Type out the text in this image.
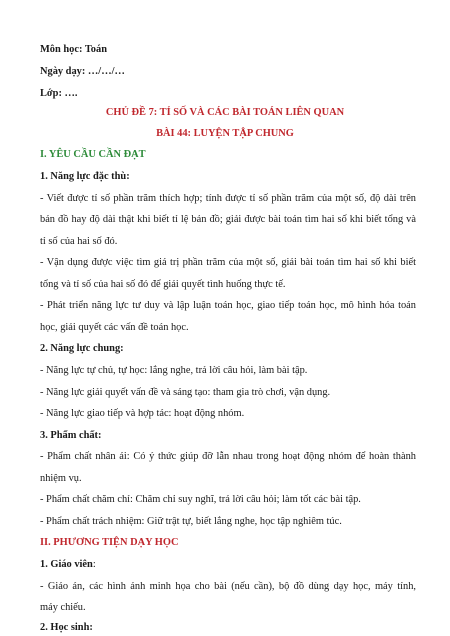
Môn học: Toán
Ngày dạy: …/…/…
Lớp: ….
CHỦ ĐỀ 7: TỈ SỐ VÀ CÁC BÀI TOÁN LIÊN QUAN
BÀI 44: LUYỆN TẬP CHUNG
I. YÊU CẦU CẦN ĐẠT
1. Năng lực đặc thù:
- Viết được tỉ số phần trăm thích hợp; tính được tỉ số phần trăm của một số, độ dài trên
bản đồ hay độ dài thật khi biết tỉ lệ bản đồ; giải được bài toán tìm hai số khi biết tổng và
tỉ số của hai số đó.
- Vận dụng được việc tìm giá trị phần trăm của một số, giải bài toán tìm hai số khi biết
tổng và tỉ số của hai số đó để giải quyết tình huống thực tế.
- Phát triển năng lực tư duy và lập luận toán học, giao tiếp toán học, mô hình hóa toán
học, giải quyết các vấn đề toán học.
2. Năng lực chung:
- Năng lực tự chủ, tự học: lắng nghe, trả lời câu hỏi, làm bài tập.
- Năng lực giải quyết vấn đề và sáng tạo: tham gia trò chơi, vận dụng.
- Năng lực giao tiếp và hợp tác: hoạt động nhóm.
3. Phẩm chất:
- Phẩm chất nhân ái: Có ý thức giúp đỡ lẫn nhau trong hoạt động nhóm để hoàn thành
nhiệm vụ.
- Phẩm chất chăm chỉ: Chăm chỉ suy nghĩ, trả lời câu hỏi; làm tốt các bài tập.
- Phẩm chất trách nhiệm: Giữ trật tự, biết lắng nghe, học tập nghiêm túc.
II. PHƯƠNG TIỆN DẠY HỌC
1. Giáo viên:
- Giáo án, các hình ảnh minh họa cho bài (nếu cần), bộ đồ dùng dạy học, máy tính,
máy chiếu.
2. Học sinh:
